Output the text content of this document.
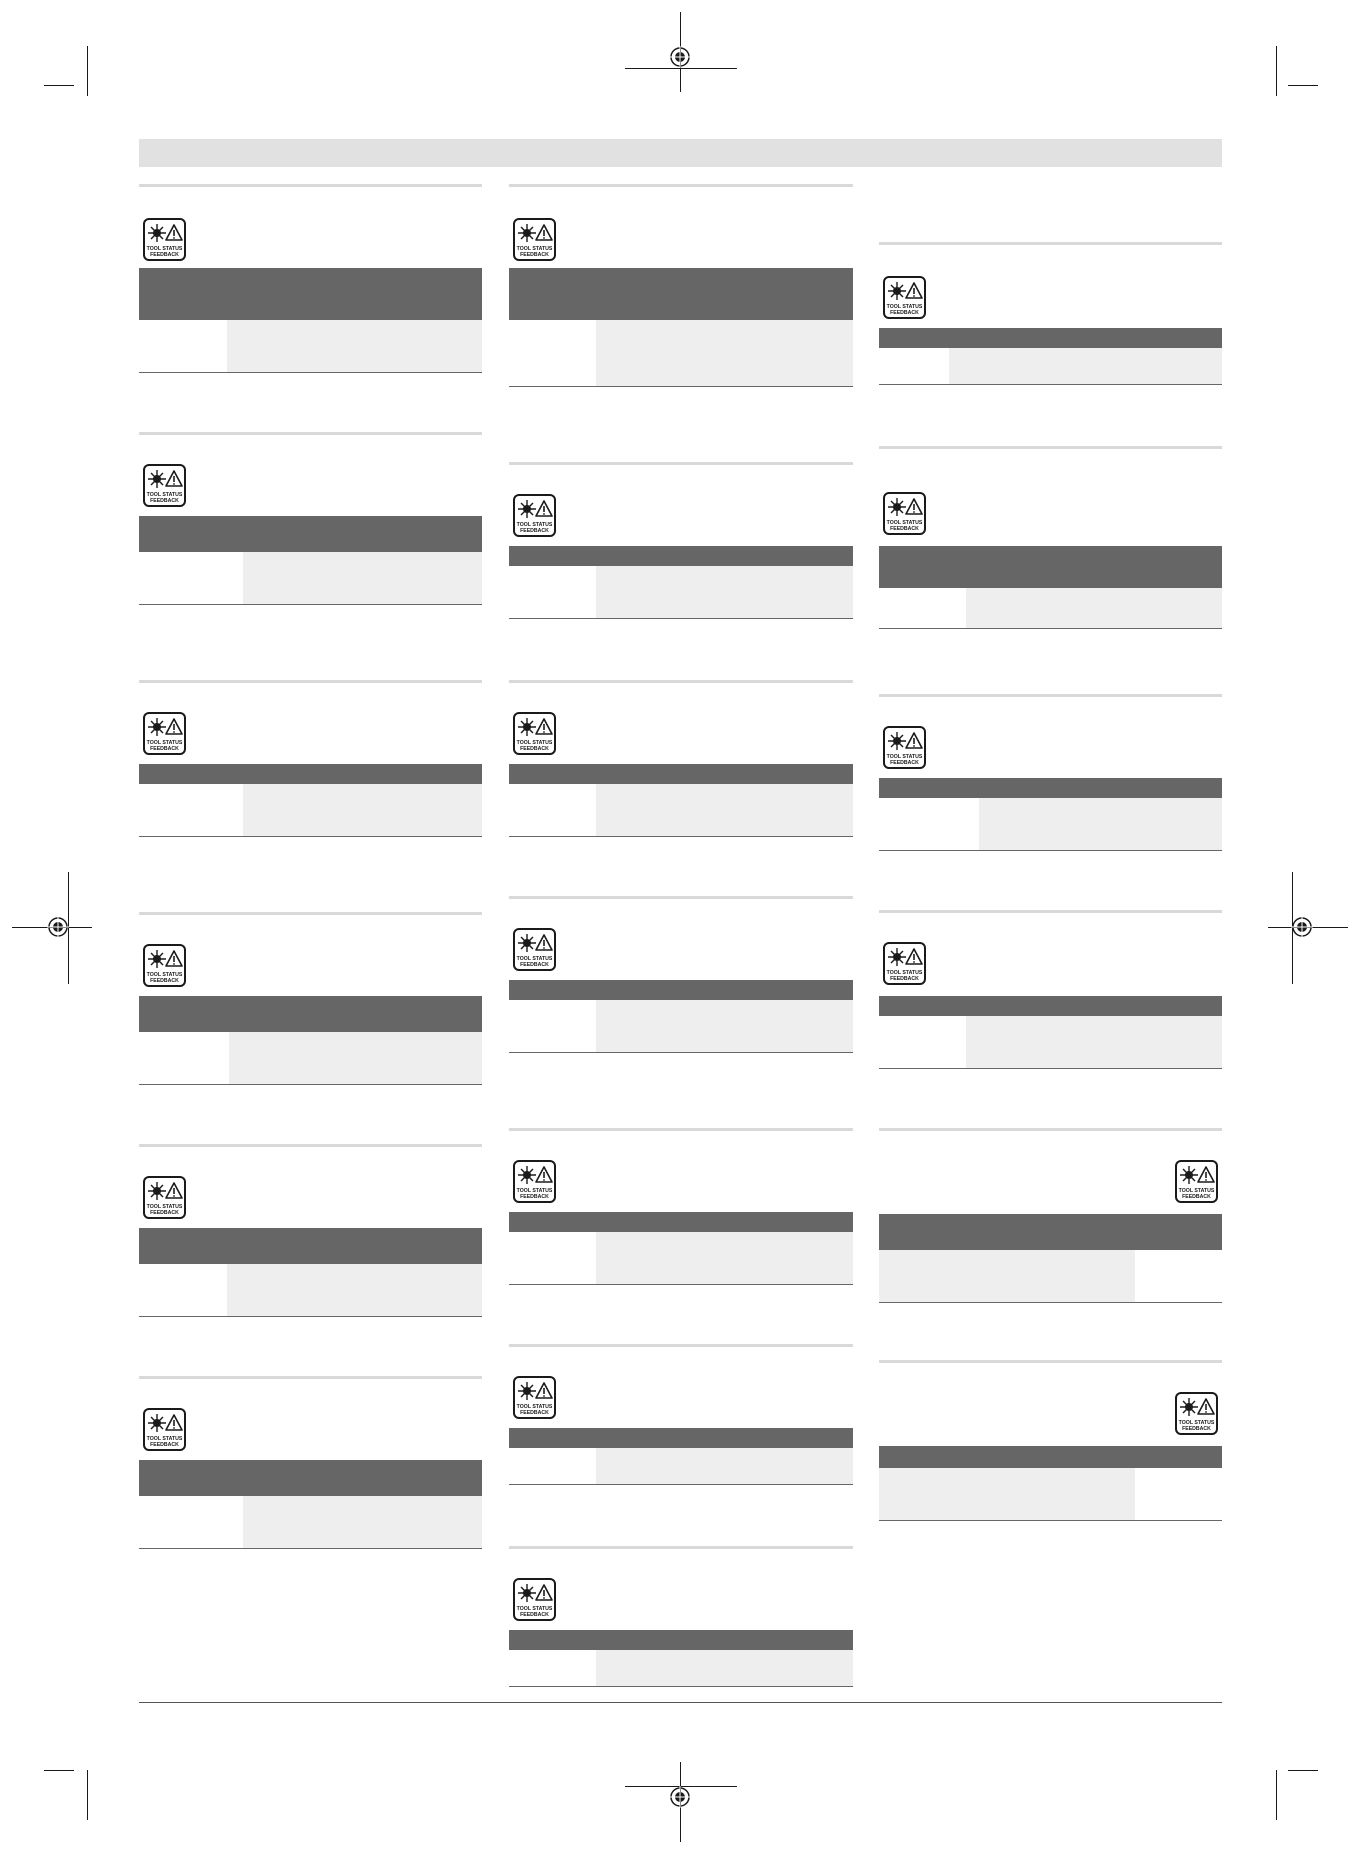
TOOL STATUS
FEEDBACK
TOOL STATUS
FEEDBACK
TOOL STATUS
FEEDBACK
TOOL STATUS
FEEDBACK
TOOL STATUS
FEEDBACK
TOOL STATUS
FEEDBACK
TOOL STATUS
FEEDBACK
TOOL STATUS
FEEDBACK
TOOL STATUS
FEEDBACK
TOOL STATUS
FEEDBACK
TOOL STATUS
FEEDBACK
TOOL STATUS
FEEDBACK
TOOL STATUS
FEEDBACK
TOOL STATUS
FEEDBACK
TOOL STATUS
FEEDBACK
TOOL STATUS
FEEDBACK
TOOL STATUS
FEEDBACK
TOOL STATUS
FEEDBACK
TOOL STATUS
FEEDBACK
